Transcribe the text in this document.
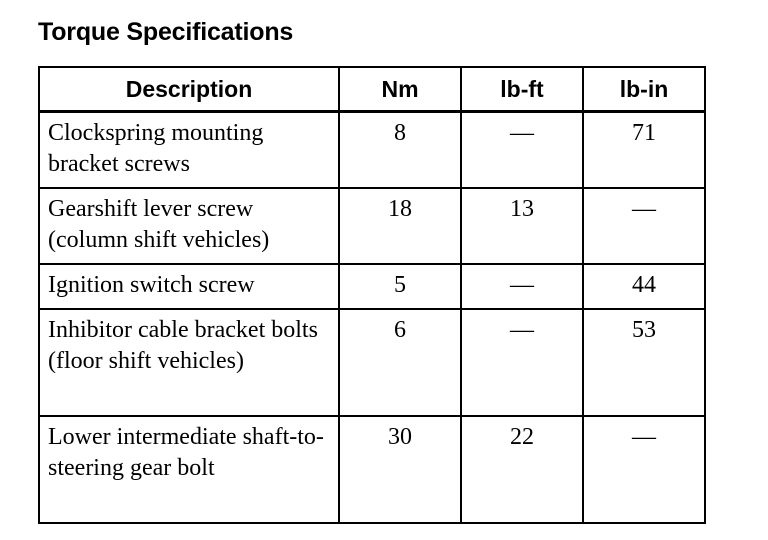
Torque Specifications
Description	Nm	lb-ft	lb-in
Clockspring mounting bracket screws	8	—	71
Gearshift lever screw (column shift vehicles)	18	13	—
Ignition switch screw	5	—	44
Inhibitor cable bracket bolts (floor shift vehicles)	6	—	53
Lower intermediate shaft-to-steering gear bolt	30	22	—
